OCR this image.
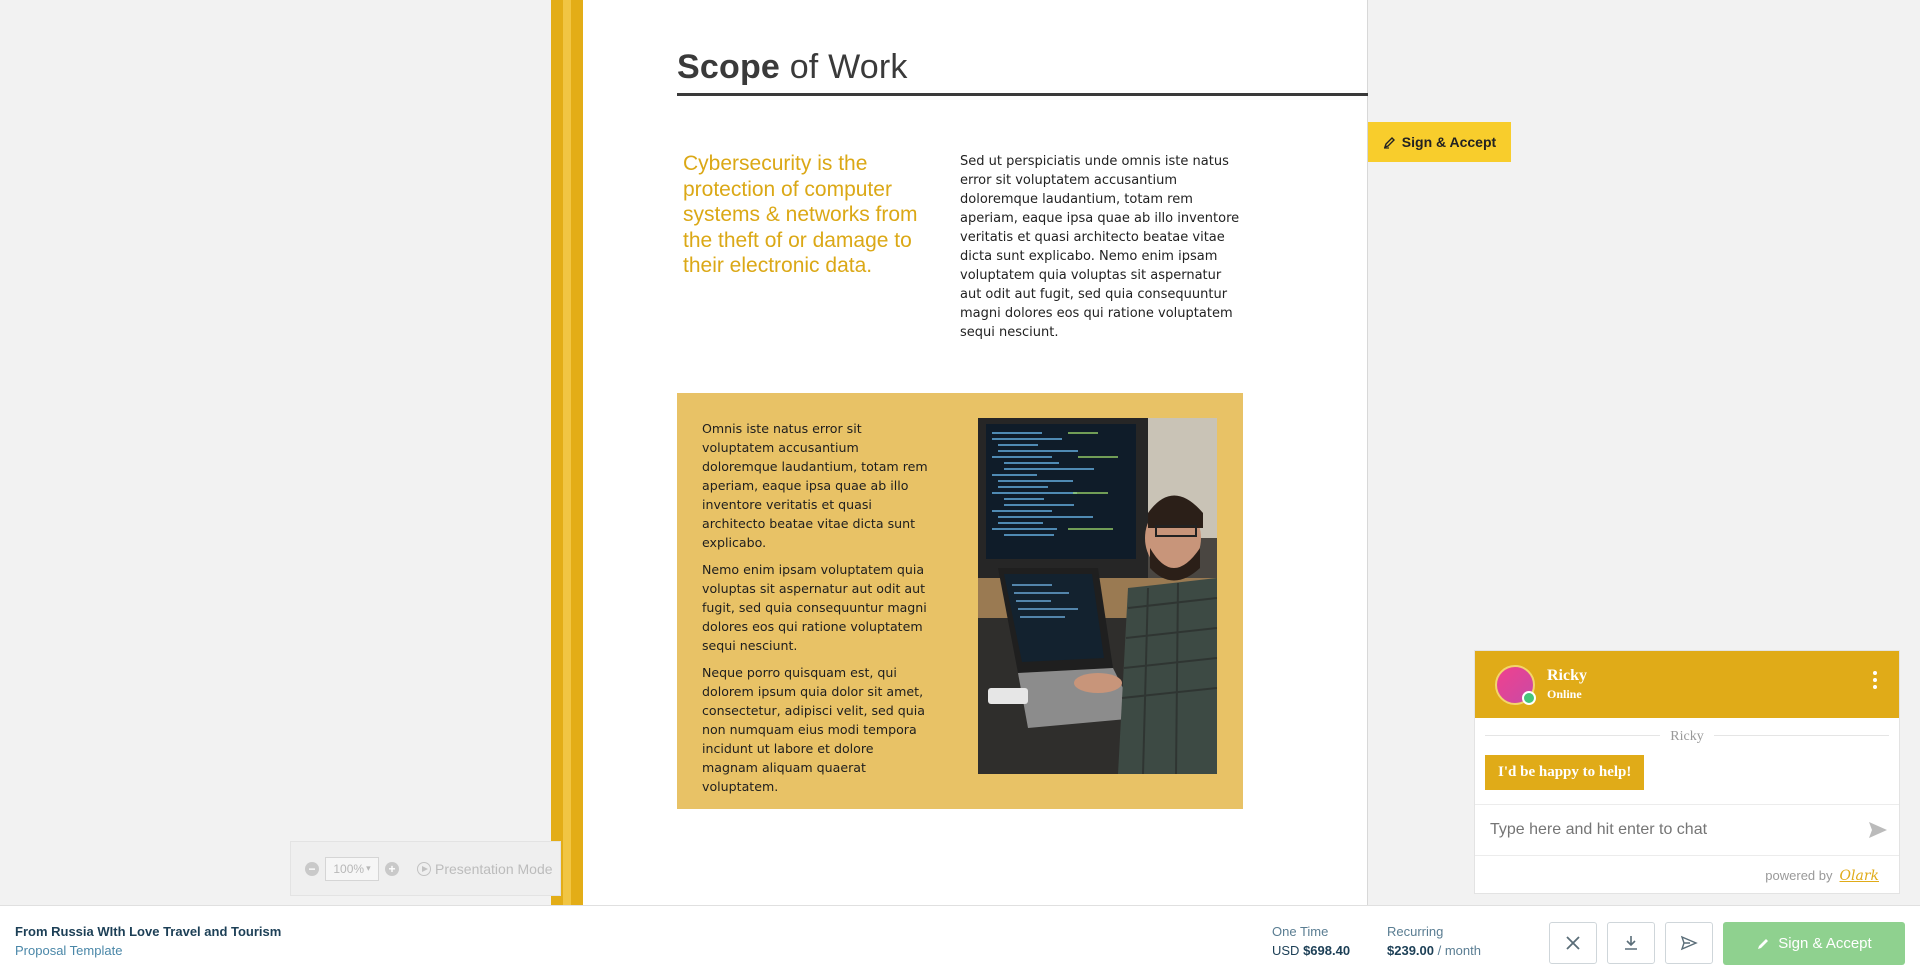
Scope of Work
Cybersecurity is the protection of computer systems & networks from the theft of or damage to their electronic data.
Sed ut perspiciatis unde omnis iste natus error sit voluptatem accusantium doloremque laudantium, totam rem aperiam, eaque ipsa quae ab illo inventore veritatis et quasi architecto beatae vitae dicta sunt explicabo. Nemo enim ipsam voluptatem quia voluptas sit aspernatur aut odit aut fugit, sed quia consequuntur magni dolores eos qui ratione voluptatem sequi nesciunt.

Omnis iste natus error sit voluptatem accusantium doloremque laudantium, totam rem aperiam, eaque ipsa quae ab illo inventore veritatis et quasi architecto beatae vitae dicta sunt explicabo.

Nemo enim ipsam voluptatem quia voluptas sit aspernatur aut odit aut fugit, sed quia consequuntur magni dolores eos qui ratione voluptatem sequi nesciunt.

Neque porro quisquam est, qui dolorem ipsum quia dolor sit amet, consectetur, adipisci velit, sed quia non numquam eius modi tempora incidunt ut labore et dolore magnam aliquam quaerat voluptatem.

Sign & Accept
− 100% ▾ +	Presentation Mode
Ricky
Online
Ricky
I'd be happy to help!
Type here and hit enter to chat
powered by Olark
From Russia WIth Love Travel and Tourism
Proposal Template
One Time
USD $698.40
Recurring
$239.00 / month	Sign & Accept
